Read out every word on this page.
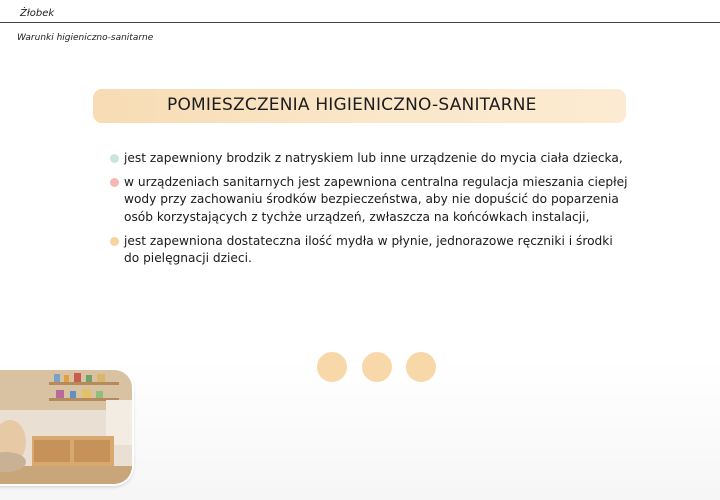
Żłobek
Warunki higieniczno-sanitarne
POMIESZCZENIA HIGIENICZNO-SANITARNE
jest zapewniony brodzik z natryskiem lub inne urządzenie do mycia ciała dziecka,
w urządzeniach sanitarnych jest zapewniona centralna regulacja mieszania ciepłej wody przy zachowaniu środków bezpieczeństwa, aby nie dopuścić do poparzenia osób korzystających z tychże urządzeń, zwłaszcza na końcówkach instalacji,
jest zapewniona dostateczna ilość mydła w płynie, jednorazowe ręczniki i środki do pielęgnacji dzieci.
